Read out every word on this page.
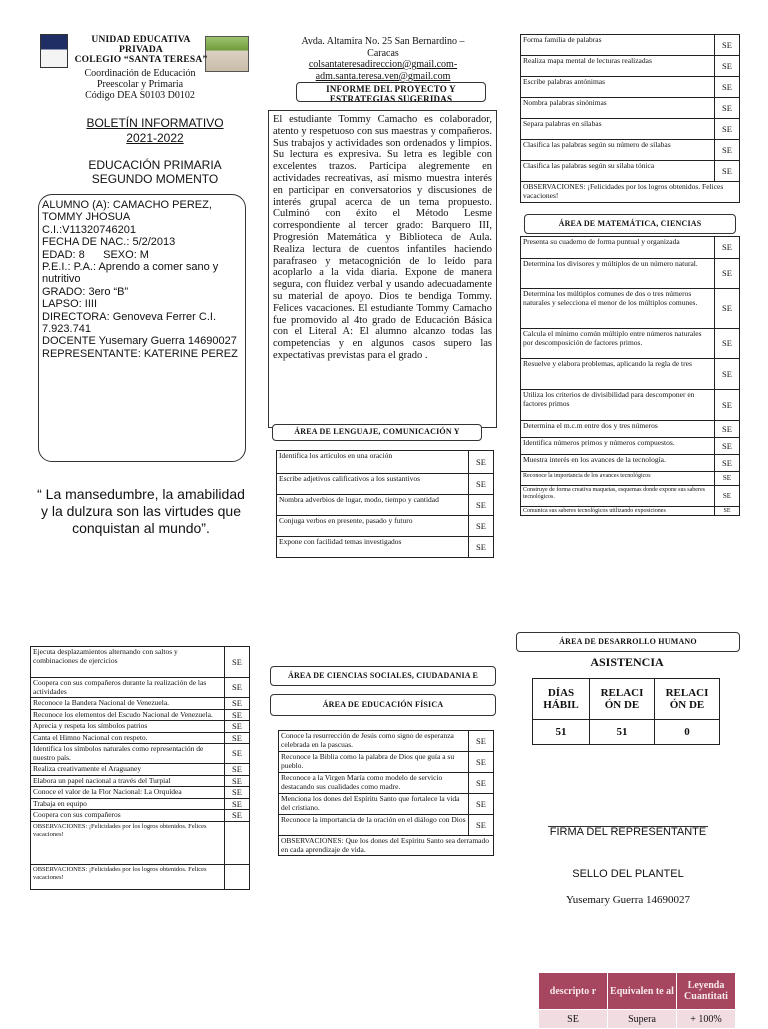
UNIDAD EDUCATIVA
PRIVADA
COLEGIO “SANTA TERESA”
Coordinación de Educación
Preescolar y Primaria
Código DEA S0103 D0102
BOLETÍN INFORMATIVO
2021-2022
EDUCACIÓN PRIMARIA
SEGUNDO MOMENTO
ALUMNO (A): CAMACHO PEREZ,
TOMMY JHOSUA
C.I.:V11320746201
FECHA DE NAC.: 5/2/2013
EDAD: 8      SEXO: M
P.E.I.: P.A.: Aprendo a comer sano y
nutritivo
GRADO: 3ero “B”
LAPSO: IIII
DIRECTORA: Genoveva Ferrer C.I.
7.923.741
DOCENTE Yusemary Guerra 14690027
REPRESENTANTE: KATERINE PEREZ
“ La mansedumbre, la amabilidad y la dulzura son las virtudes que conquistan al mundo”.
Avda. Altamira No. 25 San Bernardino –
Caracas
colsantateresadireccion@gmail.com-
adm.santa.teresa.ven@gmail.com
INFORME DEL PROYECTO Y
ESTRATEGIAS SUGERIDAS
El estudiante Tommy Camacho es colaborador, atento y respetuoso con sus maestras y compañeros. Sus trabajos y actividades son ordenados y limpios. Su lectura es expresiva. Su letra es legible con excelentes trazos. Participa alegremente en actividades recreativas, así mismo muestra interés en participar en conversatorios y discusiones de interés grupal acerca de un tema propuesto. Culminó con éxito el Método Lesme correspondiente al tercer grado: Barquero III, Progresión Matemática y Biblioteca de Aula. Realiza lectura de cuentos infantiles haciendo parafraseo y metacognición de lo leído para acoplarlo a la vida diaria. Expone de manera segura, con fluidez verbal y usando adecuadamente su material de apoyo. Dios te bendiga Tommy. Felices vacaciones. El estudiante Tommy Camacho fue promovido al 4to grado de Educación Básica con el Literal A: El alumno alcanzo todas las competencias y en algunos casos supero las expectativas previstas para el grado .
ÁREA DE LENGUAJE, COMUNICACIÓN Y
Identifica los artículos en una oración	SE
Escribe adjetivos calificativos a los sustantivos	SE
Nombra adverbios de lugar, modo, tiempo y cantidad	SE
Conjuga verbos en presente, pasado y futuro	SE
Expone con facilidad temas investigados	SE
Forma familia de palabras	SE
Realiza mapa mental de lecturas realizadas	SE
Escribe palabras antónimas	SE
Nombra palabras sinónimas	SE
Separa palabras en sílabas	SE
Clasifica las palabras según su número de sílabas	SE
Clasifica las palabras según su sílaba tónica	SE
OBSERVACIONES: ¡Felicidades por los logros obtenidos. Felices vacaciones!	
ÁREA DE MATEMÁTICA, CIENCIAS
Presenta su cuaderno de forma puntual y organizada	SE
Determina los divisores y múltiplos de un número natural.	SE
Determina los múltiplos comunes de dos o tres números naturales y selecciona el menor de los múltiplos comunes.	SE
Calcula el mínimo común múltiplo entre números naturales por descomposición de factores primos.	SE
Resuelve y elabora problemas, aplicando la regla de tres	SE
Utiliza los criterios de divisibilidad para descomponer en factores primos	SE
Determina el m.c.m entre dos y tres números	SE
Identifica números primos y números compuestos.	SE
Muestra interés en los avances de la tecnología.	SE
Reconoce la importancia de los avances tecnológicos	SE
Construye de forma creativa maquetas, esquemas donde expone sus saberes tecnológicos.	SE
Comunica sus saberes tecnológicos utilizando exposiciones	SE
Ejecuta desplazamientos alternando con saltos y combinaciones de ejercicios	SE
Coopera con sus compañeros durante la realización de las actividades	SE
Reconoce la Bandera Nacional de Venezuela.	SE
Reconoce los elementos del Escudo Nacional de Venezuela.	SE
Aprecia y respeta los símbolos patrios	SE
Canta el Himno Nacional con respeto.	SE
Identifica los símbolos naturales como representación de nuestro país.	SE
Realiza creativamente el Araguaney	SE
Elabora un papel nacional a través del Turpial	SE
Conoce el valor de la Flor Nacional: La Orquídea	SE
Trabaja en equipo	SE
Coopera con sus compañeros	SE
OBSERVACIONES: ¡Felicidades por los logros obtenidos. Felices vacaciones!	
OBSERVACIONES: ¡Felicidades por los logros obtenidos. Felices vacaciones!	
ÁREA DE CIENCIAS SOCIALES, CIUDADANIA E
ÁREA DE EDUCACIÓN FÍSICA
Conoce la resurrección de Jesús como signo de esperanza celebrada en la pascuas.	SE
Reconoce la Biblia como la palabra de Dios que guía a su pueblo.	SE
Reconoce a la Virgen María como modelo de servicio destacando sus cualidades como madre.	SE
Menciona los dones del Espíritu Santo que fortalece la vida del cristiano.	SE
Reconoce la importancia de la oración en el diálogo con Dios	SE
OBSERVACIONES: Que los dones del Espíritu Santo sea derramado en cada aprendizaje de vida.	
ÁREA DE DESARROLLO HUMANO
ASISTENCIA
DÍAS HÁBIL	RELACI ÓN DE	RELACI ÓN DE
51	51	0
FIRMA DEL REPRESENTANTE
SELLO DEL PLANTEL
Yusemary Guerra 14690027
descripto r	Equivalen te al	Leyenda Cuantitati
SE	Supera	+ 100%
